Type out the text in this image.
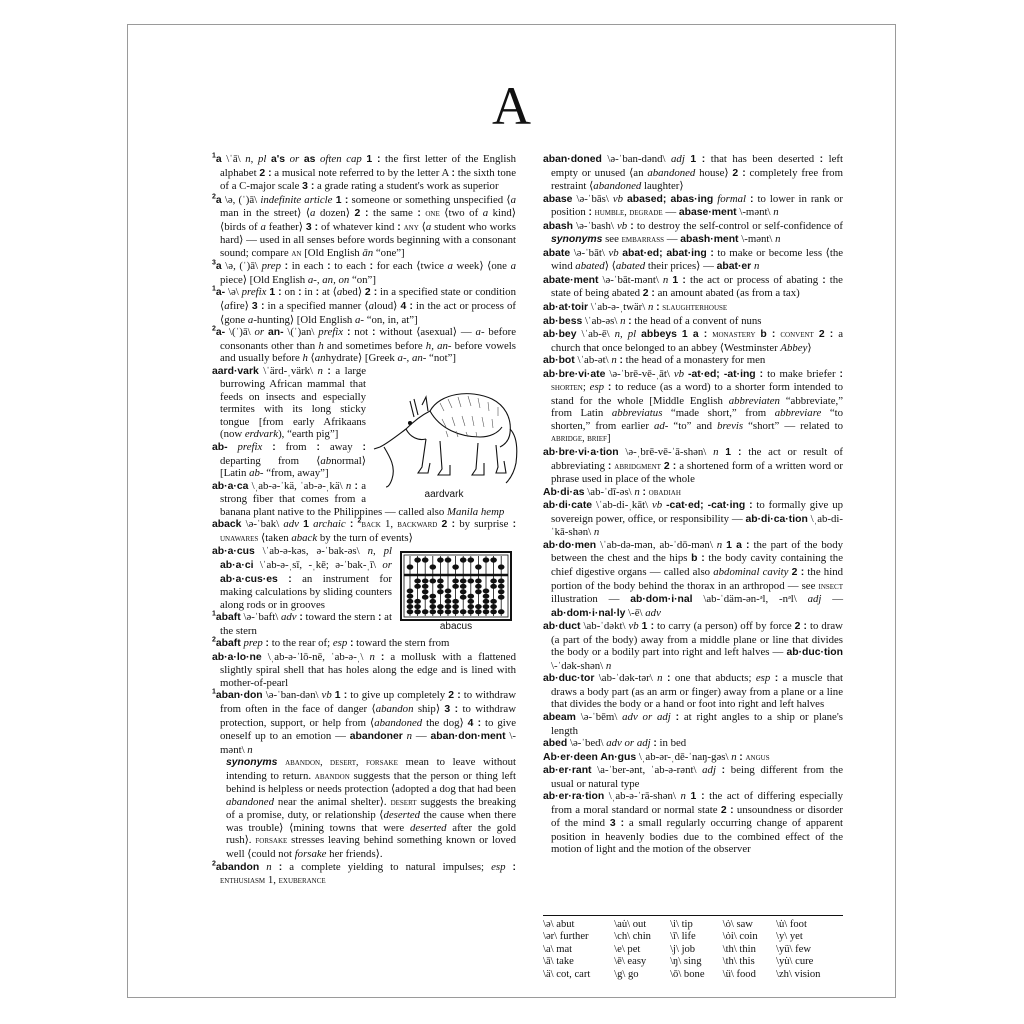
A

$^1$a \ˈā\ n, pl a's or as often cap 1 : the first letter of the English alphabet 2 : a musical note referred to by the letter A : the sixth tone of a C-major scale 3 : a grade rating a student's work as superior

$^2$a \ə, (ˈ)ā\ indefinite article 1 : someone or something unspecified ⟨a man in the street⟩ ⟨a dozen⟩ 2 : the same : one ⟨two of a kind⟩ ⟨birds of a feather⟩ 3 : of whatever kind : any ⟨a student who works hard⟩ — used in all senses before words beginning with a consonant sound; compare an [Old English ān “one”]

$^3$a \ə, (ˈ)ā\ prep : in each : to each : for each ⟨twice a week⟩ ⟨one a piece⟩ [Old English a-, an, on “on”]

$^1$a- \ə\ prefix 1 : on : in : at ⟨abed⟩ 2 : in a specified state or condition ⟨afire⟩ 3 : in a specified manner ⟨aloud⟩ 4 : in the act or process of ⟨gone a-hunting⟩ [Old English a- “on, in, at”]

$^2$a- \(ˈ)ā\ or an- \(ˈ)an\ prefix : not : without ⟨asexual⟩ — a- before consonants other than h and sometimes before h, an- before vowels and usually before h ⟨anhydrate⟩ [Greek a-, an- “not”]

aardvark

aard·vark \ˈärd-ˌvärk\ n : a large burrowing African mammal that feeds on insects and especially termites with its long sticky tongue [from early Afrikaans (now erdvark), “earth pig”]

ab- prefix : from : away : departing from ⟨abnormal⟩ [Latin ab- “from, away”]

ab·a·ca \ˌab-ə-ˈkä, ˈab-ə-ˌkä\ n : a strong fiber that comes from a banana plant native to the Philippines — called also Manila hemp

aback \ə-ˈbak\ adv 1 archaic : $^2$back 1, backward 2 : by surprise : unawares ⟨taken aback by the turn of events⟩

abacus

ab·a·cus \ˈab-ə-kəs, ə-ˈbak-əs\ n, pl ab·a·ci \ˈab-ə-ˌsī, -ˌkē; ə-ˈbak-ˌī\ or ab·a·cus·es : an instrument for making calculations by sliding counters along rods or in grooves

$^1$abaft \ə-ˈbaft\ adv : toward the stern : at the stern

$^2$abaft prep : to the rear of; esp : toward the stern from

ab·a·lo·ne \ˌab-ə-ˈlō-nē, ˈab-ə-ˌ\ n : a mollusk with a flattened slightly spiral shell that has holes along the edge and is lined with mother-of-pearl

$^1$aban·don \ə-ˈban-dən\ vb 1 : to give up completely 2 : to withdraw from often in the face of danger ⟨abandon ship⟩ 3 : to withdraw protection, support, or help from ⟨abandoned the dog⟩ 4 : to give oneself up to an emotion — abandoner n — aban·don·ment \-mənt\ n

synonyms abandon, desert, forsake mean to leave without intending to return. abandon suggests that the person or thing left behind is helpless or needs protection ⟨adopted a dog that had been abandoned near the animal shelter⟩. desert suggests the breaking of a promise, duty, or relationship ⟨deserted the cause when there was trouble⟩ ⟨mining towns that were deserted after the gold rush⟩. forsake stresses leaving behind something known or loved well ⟨could not forsake her friends⟩.

$^2$abandon n : a complete yielding to natural impulses; esp : enthusiasm 1, exuberance

aban·doned \ə-ˈban-dənd\ adj 1 : that has been deserted : left empty or unused ⟨an abandoned house⟩ 2 : completely free from restraint ⟨abandoned laughter⟩

abase \ə-ˈbās\ vb abased; abas·ing formal : to lower in rank or position : humble, degrade — abase·ment \-mənt\ n

abash \ə-ˈbash\ vb : to destroy the self-control or self-confidence of synonyms see embarrass — abash·ment \-mənt\ n

abate \ə-ˈbāt\ vb abat·ed; abat·ing : to make or become less ⟨the wind abated⟩ ⟨abated their prices⟩ — abat·er n

abate·ment \ə-ˈbāt-mənt\ n 1 : the act or process of abating : the state of being abated 2 : an amount abated (as from a tax)

ab·at·toir \ˈab-ə-ˌtwär\ n : slaughterhouse

ab·bess \ˈab-əs\ n : the head of a convent of nuns

ab·bey \ˈab-ē\ n, pl abbeys 1 a : monastery b : convent 2 : a church that once belonged to an abbey ⟨Westminster Abbey⟩

ab·bot \ˈab-ət\ n : the head of a monastery for men

ab·bre·vi·ate \ə-ˈbrē-vē-ˌāt\ vb -at·ed; -at·ing : to make briefer : shorten; esp : to reduce (as a word) to a shorter form intended to stand for the whole [Middle English abbreviaten “abbreviate,” from Latin abbreviatus “made short,” from abbreviare “to shorten,” from earlier ad- “to” and brevis “short” — related to abridge, brief]

ab·bre·vi·a·tion \ə-ˌbrē-vē-ˈā-shən\ n 1 : the act or result of abbreviating : abridgment 2 : a shortened form of a written word or phrase used in place of the whole

Ab·di·as \ab-ˈdī-əs\ n : obadiah

ab·di·cate \ˈab-di-ˌkāt\ vb -cat·ed; -cat·ing : to formally give up sovereign power, office, or responsibility — ab·di·ca·tion \ˌab-di-ˈkā-shən\ n

ab·do·men \ˈab-də-mən, ab-ˈdō-mən\ n 1 a : the part of the body between the chest and the hips b : the body cavity containing the chief digestive organs — called also abdominal cavity 2 : the hind portion of the body behind the thorax in an arthropod — see insect illustration — ab·dom·i·nal \ab-ˈdäm-ən-ᵊl, -nᵊl\ adj — ab·dom·i·nal·ly \-ē\ adv

ab·duct \ab-ˈdəkt\ vb 1 : to carry (a person) off by force 2 : to draw (a part of the body) away from a middle plane or line that divides the body or a bodily part into right and left halves — ab·duc·tion \-ˈdək-shən\ n

ab·duc·tor \ab-ˈdək-tər\ n : one that abducts; esp : a muscle that draws a body part (as an arm or finger) away from a plane or a line that divides the body or a hand or foot into right and left halves

abeam \ə-ˈbēm\ adv or adj : at right angles to a ship or plane's length

abed \ə-ˈbed\ adv or adj : in bed

Ab·er·deen An·gus \ˌab-ər-ˌdē-ˈnaŋ-gəs\ n : angus

ab·er·rant \a-ˈber-ənt, ˈab-ə-rənt\ adj : being different from the usual or natural type

ab·er·ra·tion \ˌab-ə-ˈrā-shən\ n 1 : the act of differing especially from a moral standard or normal state 2 : unsoundness or disorder of the mind 3 : a small regularly occurring change of apparent position in heavenly bodies due to the combined effect of the motion of light and the motion of the observer

\ə\ abut	\au̇\ out	\i\ tip	\ȯ\ saw	\u̇\ foot
\ər\ further	\ch\ chin	\ī\ life	\ȯi\ coin	\y\ yet
\a\ mat	\e\ pet	\j\ job	\th\ thin	\yü\ few
\ā\ take	\ē\ easy	\ŋ\ sing	\th\ this	\yu̇\ cure
\ä\ cot, cart	\g\ go	\ō\ bone	\ü\ food	\zh\ vision
